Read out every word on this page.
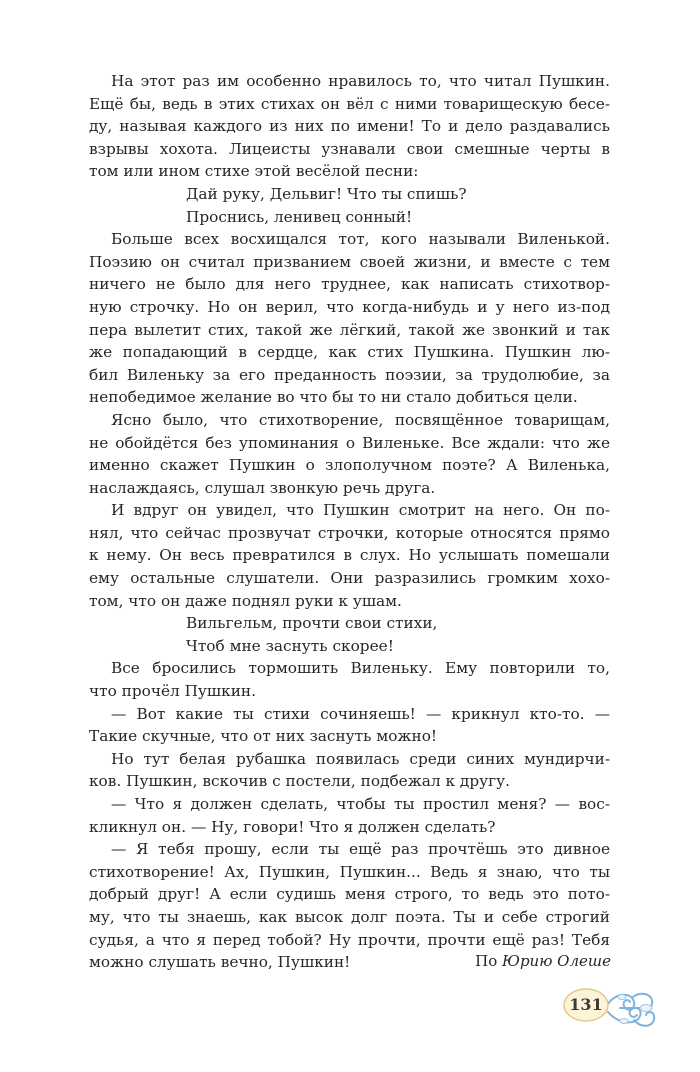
На этот раз им особенно нравилось то, что читал Пушкин.
Ещё бы, ведь в этих стихах он вёл с ними товарищескую бесе-
ду, называя каждого из них по имени! То и дело раздавались
взрывы хохота. Лицеисты узнавали свои смешные черты в
том или ином стихе этой весёлой песни:

Дай руку, Дельвиг! Что ты спишь?
Проснись, ленивец сонный!

Больше всех восхищался тот, кого называли Виленькой.
Поэзию он считал призванием своей жизни, и вместе с тем
ничего не было для него труднее, как написать стихотвор-
ную строчку. Но он верил, что когда-нибудь и у него из-под
пера вылетит стих, такой же лёгкий, такой же звонкий и так
же попадающий в сердце, как стих Пушкина. Пушкин лю-
бил Виленьку за его преданность поэзии, за трудолюбие, за
непобедимое желание во что бы то ни стало добиться цели.

Ясно было, что стихотворение, посвящённое товарищам,
не обойдётся без упоминания о Виленьке. Все ждали: что же
именно скажет Пушкин о злополучном поэте? А Виленька,
наслаждаясь, слушал звонкую речь друга.

И вдруг он увидел, что Пушкин смотрит на него. Он по-
нял, что сейчас прозвучат строчки, которые относятся прямо
к нему. Он весь превратился в слух. Но услышать помешали
ему остальные слушатели. Они разразились громким хохо-
том, что он даже поднял руки к ушам.

Вильгельм, прочти свои стихи,
Чтоб мне заснуть скорее!

Все бросились тормошить Виленьку. Ему повторили то,
что прочёл Пушкин.

— Вот какие ты стихи сочиняешь! — крикнул кто-то. —
Такие скучные, что от них заснуть можно!

Но тут белая рубашка появилась среди синих мундирчи-
ков. Пушкин, вскочив с постели, подбежал к другу.

— Что я должен сделать, чтобы ты простил меня? — вос-
кликнул он. — Ну, говори! Что я должен сделать?

— Я тебя прошу, если ты ещё раз прочтёшь это дивное
стихотворение! Ах, Пушкин, Пушкин... Ведь я знаю, что ты
добрый друг! А если судишь меня строго, то ведь это пото-
му, что ты знаешь, как высок долг поэта. Ты и себе строгий
судья, а что я перед тобой? Ну прочти, прочти ещё раз! Тебя
можно слушать вечно, Пушкин!	По Юрию Олеше
131
